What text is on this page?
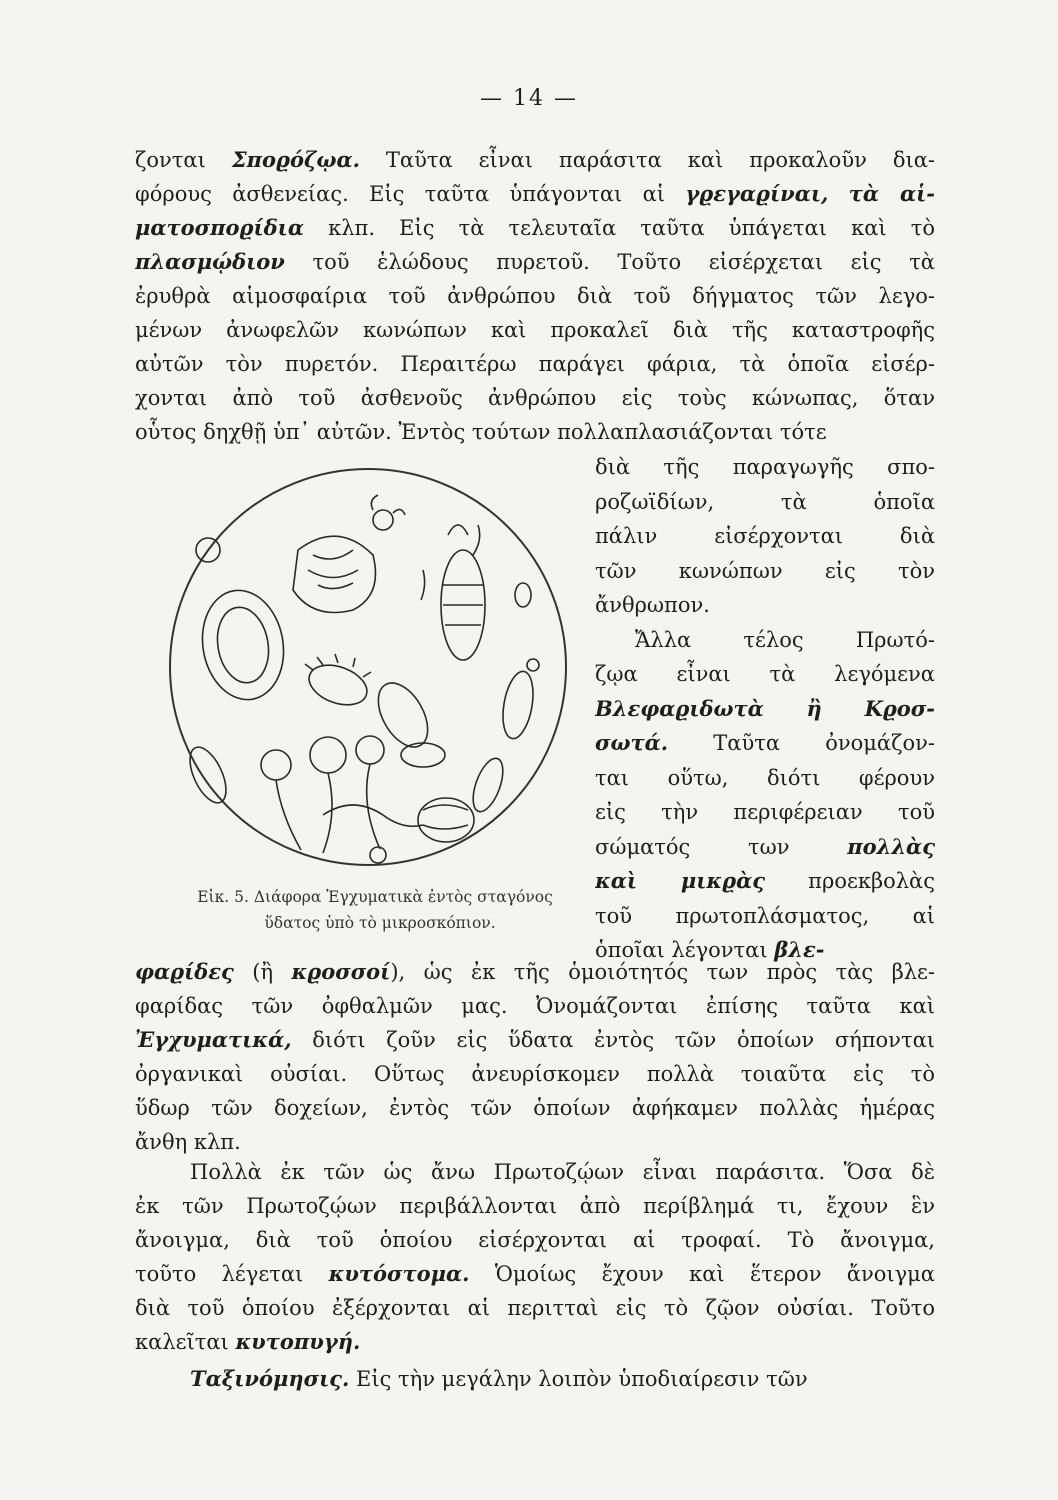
— 14 —

ζονται Σποϱόζῳα. Ταῦτα εἶναι παράσιτα καὶ προκαλοῦν δια-
φόρους ἀσθενείας. Εἰς ταῦτα ὑπάγονται αἱ γϱεγαϱίναι, τὰ αἱ-
ματοσποϱίδια κλπ. Εἰς τὰ τελευταῖα ταῦτα ὑπάγεται καὶ τὸ
πλασμῴδιον τοῦ ἑλώδους πυρετοῦ. Τοῦτο εἰσέρχεται εἰς τὰ
ἐρυθρὰ αἱμοσφαίρια τοῦ ἀνθρώπου διὰ τοῦ δήγματος τῶν λεγο-
μένων ἀνωφελῶν κωνώπων καὶ προκαλεῖ διὰ τῆς καταστροφῆς
αὐτῶν τὸν πυρετόν. Περαιτέρω παράγει φάρια, τὰ ὁποῖα εἰσέρ-
χονται ἀπὸ τοῦ ἀσθενοῦς ἀνθρώπου εἰς τοὺς κώνωπας, ὅταν
οὗτος δηχθῇ ὑπ᾽ αὐτῶν. Ἐντὸς τούτων πολλαπλασιάζονται τότε

διὰ τῆς παραγωγῆς σπο-
ροζωϊδίων, τὰ ὁποῖα
πάλιν εἰσέρχονται διὰ
τῶν κωνώπων εἰς τὸν
ἄνθρωπον.
Ἄλλα τέλος Πρωτό-
ζῳα εἶναι τὰ λεγόμενα
Βλεφαϱιδωτὰ ἢ Κϱοσ-
σωτά. Ταῦτα ὀνομάζον-
ται οὕτω, διότι φέρουν
εἰς τὴν περιφέρειαν τοῦ
σώματός των πολλὰς
καὶ μικϱὰς προεκβολὰς
τοῦ πρωτοπλάσματος, αἱ
ὁποῖαι λέγονται βλε-
Εἰκ. 5. Διάφορα Ἐγχυματικὰ ἐντὸς σταγόνος
ὕδατος ὑπὸ τὸ μικροσκόπιον.

φαϱίδες (ἢ κϱοσσοί), ὡς ἐκ τῆς ὁμοιότητός των πρὸς τὰς βλε-
φαρίδας τῶν ὀφθαλμῶν μας. Ὀνομάζονται ἐπίσης ταῦτα καὶ
Ἐγχυματικά, διότι ζοῦν εἰς ὕδατα ἐντὸς τῶν ὁποίων σήπονται
ὀργανικαὶ οὐσίαι. Οὕτως ἀνευρίσκομεν πολλὰ τοιαῦτα εἰς τὸ
ὕδωρ τῶν δοχείων, ἐντὸς τῶν ὁποίων ἀφήκαμεν πολλὰς ἡμέρας
ἄνθη κλπ.

Πολλὰ ἐκ τῶν ὡς ἄνω Πρωτοζῴων εἶναι παράσιτα. Ὅσα δὲ
ἐκ τῶν Πρωτοζῴων περιβάλλονται ἀπὸ περίβλημά τι, ἔχουν ἓν
ἄνοιγμα, διὰ τοῦ ὁποίου εἰσέρχονται αἱ τροφαί. Τὸ ἄνοιγμα,
τοῦτο λέγεται κυτόστομα. Ὁμοίως ἔχουν καὶ ἕτερον ἄνοιγμα
διὰ τοῦ ὁποίου ἐξέρχονται αἱ περιτταὶ εἰς τὸ ζῷον οὐσίαι. Τοῦτο
καλεῖται κυτοπυγή.

Ταξινόμησις. Εἰς τὴν μεγάλην λοιπὸν ὑποδιαίρεσιν τῶν
